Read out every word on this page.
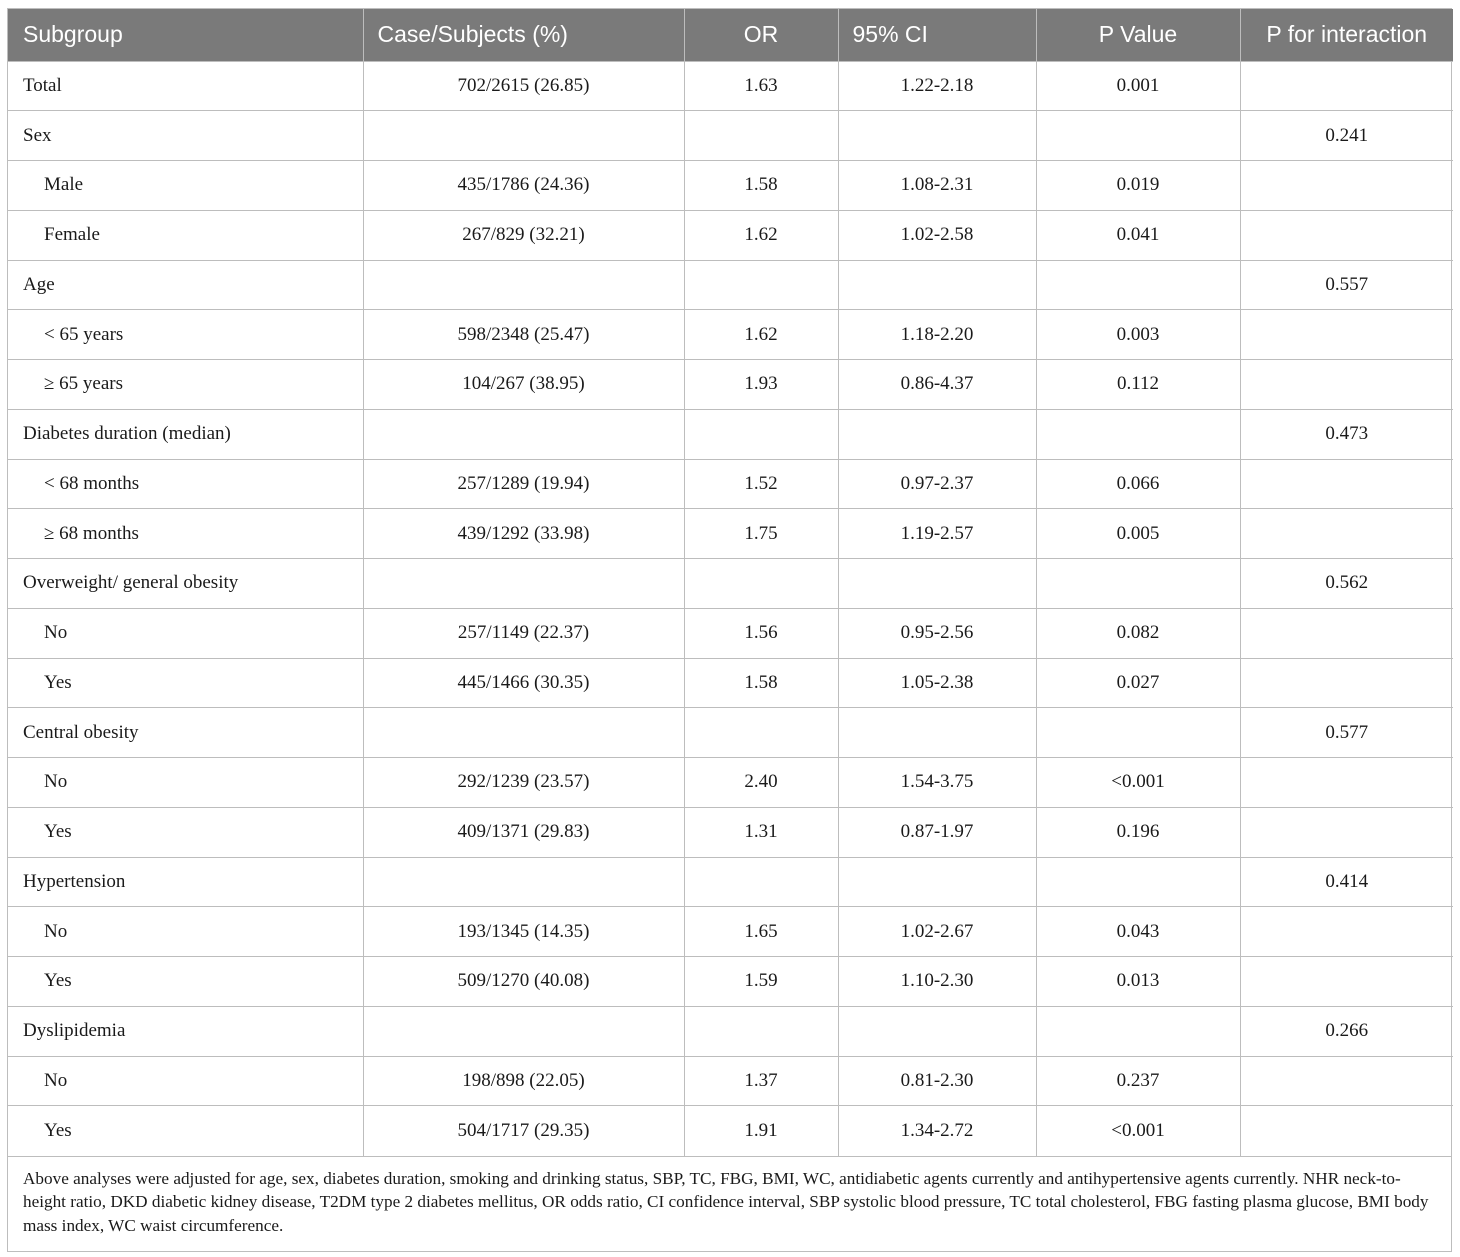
Subgroup	Case/Subjects (%)	OR	95% CI	P Value	P for interaction
Total	702/2615 (26.85)	1.63	1.22-2.18	0.001	
Sex					0.241
Male	435/1786 (24.36)	1.58	1.08-2.31	0.019	
Female	267/829 (32.21)	1.62	1.02-2.58	0.041	
Age					0.557
< 65 years	598/2348 (25.47)	1.62	1.18-2.20	0.003	
≥ 65 years	104/267 (38.95)	1.93	0.86-4.37	0.112	
Diabetes duration (median)					0.473
< 68 months	257/1289 (19.94)	1.52	0.97-2.37	0.066	
≥ 68 months	439/1292 (33.98)	1.75	1.19-2.57	0.005	
Overweight/ general obesity					0.562
No	257/1149 (22.37)	1.56	0.95-2.56	0.082	
Yes	445/1466 (30.35)	1.58	1.05-2.38	0.027	
Central obesity					0.577
No	292/1239 (23.57)	2.40	1.54-3.75	<0.001	
Yes	409/1371 (29.83)	1.31	0.87-1.97	0.196	
Hypertension					0.414
No	193/1345 (14.35)	1.65	1.02-2.67	0.043	
Yes	509/1270 (40.08)	1.59	1.10-2.30	0.013	
Dyslipidemia					0.266
No	198/898 (22.05)	1.37	0.81-2.30	0.237	
Yes	504/1717 (29.35)	1.91	1.34-2.72	<0.001	
Above analyses were adjusted for age, sex, diabetes duration, smoking and drinking status, SBP, TC, FBG, BMI, WC, antidiabetic agents currently and antihypertensive agents currently. NHR neck-to-height ratio, DKD diabetic kidney disease, T2DM type 2 diabetes mellitus, OR odds ratio, CI confidence interval, SBP systolic blood pressure, TC total cholesterol, FBG fasting plasma glucose, BMI body mass index, WC waist circumference.
